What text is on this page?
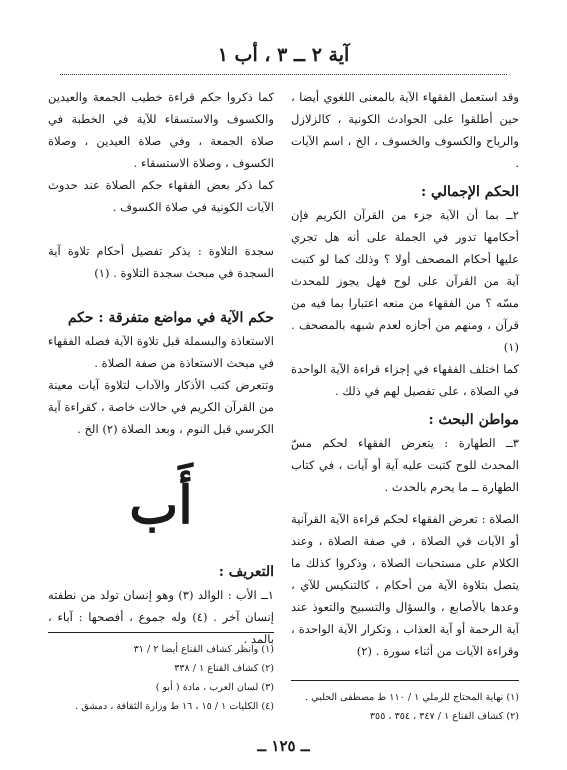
آية ٢ ــ ٣ ، أب ١

وقد استعمل الفقهاء الآية بالمعنى اللغوي أيضا ، حين أطلقوا على الحوادث الكونية ، كالزلازل والرياح والكسوف والخسوف ، الخ ، اسم الآيات .

الحكم الإجمالي :

٢ــ بما أن الآية جزء من القرآن الكريم فإن أحكامها تدور في الجملة على أنه هل تجري عليها أحكام المصحف أولا ؟ وذلك كما لو كتبت آية من القرآن على لوح فهل يجوز للمحدث مسّه ؟ من الفقهاء من منعه اعتبارا بما فيه من قرآن ، ومنهم من أجازه لعدم شبهه بالمصحف . (١)

كما اختلف الفقهاء في إجزاء قراءة الآية الواحدة في الصلاة ، على تفصيل لهم في ذلك .

مواطن البحث :

٣ــ الطهارة : يتعرض الفقهاء لحكم مسّ المحدث للوح كتبت عليه آية أو آيات ، في كتاب الطهارة ــ ما يحرم بالحدث .

الصلاة : تعرض الفقهاء لحكم قراءة الآية القرآنية أو الآيات في الصلاة ، في صفة الصلاة ، وعند الكلام على مستحبات الصلاة ، وذكروا كذلك ما يتصل بتلاوة الآية من أحكام ، كالتنكيس للآي ، وعدها بالأصابع ، والسؤال والتسبيح والتعوذ عند آية الرحمة أو آية العذاب ، وتكرار الآية الواحدة ، وقراءة الآيات من أثناء سورة . (٢)

كما ذكروا حكم قراءة خطيب الجمعة والعيدين والكسوف والاستسقاء للآية في الخطبة في صلاة الجمعة ، وفي صلاة العيدين ، وصلاة الكسوف ، وصلاة الاستسقاء .

كما ذكر بعض الفقهاء حكم الصلاة عند حدوث الآيات الكونية في صلاة الكسوف .

سجدة التلاوة : يذكر تفصيل أحكام تلاوة آية السجدة في مبحث سجدة التلاوة . (١)

حكم الآية في مواضع متفرقة : حكم

الاستعاذة والبسملة قبل تلاوة الآية فصله الفقهاء في مبحث الاستعاذة من صفة الصلاة .

وتتعرض كتب الأذكار والآداب لتلاوة آيات معينة من القرآن الكريم في حالات خاصة ، كقراءة آية الكرسي قبل النوم ، وبعد الصلاة (٢) الخ .

أَب

التعريف :

١ــ الأب : الوالد (٣) وهو إنسان تولد من نطفته إنسان آخر . (٤) وله جموع ، أفصحها : آباء ، بالمد .

(١) وانظر كشاف القناع أيضا ٢ / ٣١
(٢) كشاف القناع ١ / ٣٣٨
(٣) لسان العرب ، مادة ( أبو )
(٤) الكليات ١ / ١٥ ، ١٦ ط وزارة الثقافة ، دمشق .
(١) نهاية المحتاج للرملي ١ / ١١٠ ط مصطفى الحلبي .
(٢) كشاف القناع ١ / ٣٤٧ ، ٣٥٤ ، ٣٥٥
ــ ١٢٥ ــ
